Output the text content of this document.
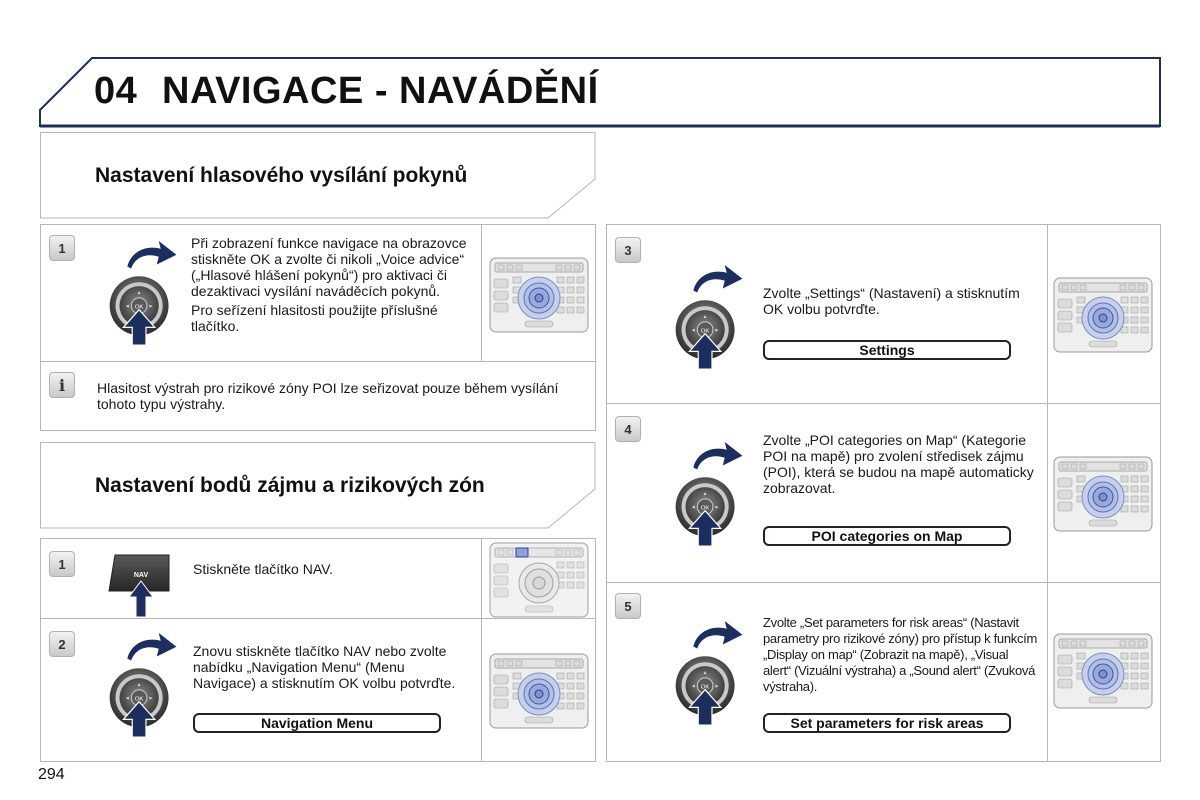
04 NAVIGACE - NAVÁDĚNÍ
Nastavení hlasového vysílání pokynů
1	Při zobrazení funkce navigace na obrazovce stiskněte OK a zvolte či nikoli „Voice advice“ („Hlasové hlášení pokynů“) pro aktivaci či dezaktivaci vysílání naváděcích pokynů.

Pro seřízení hlasitosti použijte příslušné tlačítko.

i	Hlasitost výstrah pro rizikové zóny POI lze seřizovat pouze během vysílání tohoto typu výstrahy.
Nastavení bodů zájmu a rizikových zón
1
NAV	Stiskněte tlačítko NAV.
2	Znovu stiskněte tlačítko NAV nebo zvolte nabídku „Navigation Menu“ (Menu Navigace) a stisknutím OK volbu potvrďte.
Navigation Menu
3
Zvolte „Settings“ (Nastavení) a stisknutím OK volbu potvrďte.
Settings
4
Zvolte „POI categories on Map“ (Kategorie POI na mapě) pro zvolení středisek zájmu (POI), která se budou na mapě automaticky zobrazovat.
POI categories on Map
5
Zvolte „Set parameters for risk areas“ (Nastavit parametry pro rizikové zóny) pro přístup k funkcím „Display on map“ (Zobrazit na mapě), „Visual alert“ (Vizuální výstraha) a „Sound alert“ (Zvuková výstraha).
Set parameters for risk areas
294
